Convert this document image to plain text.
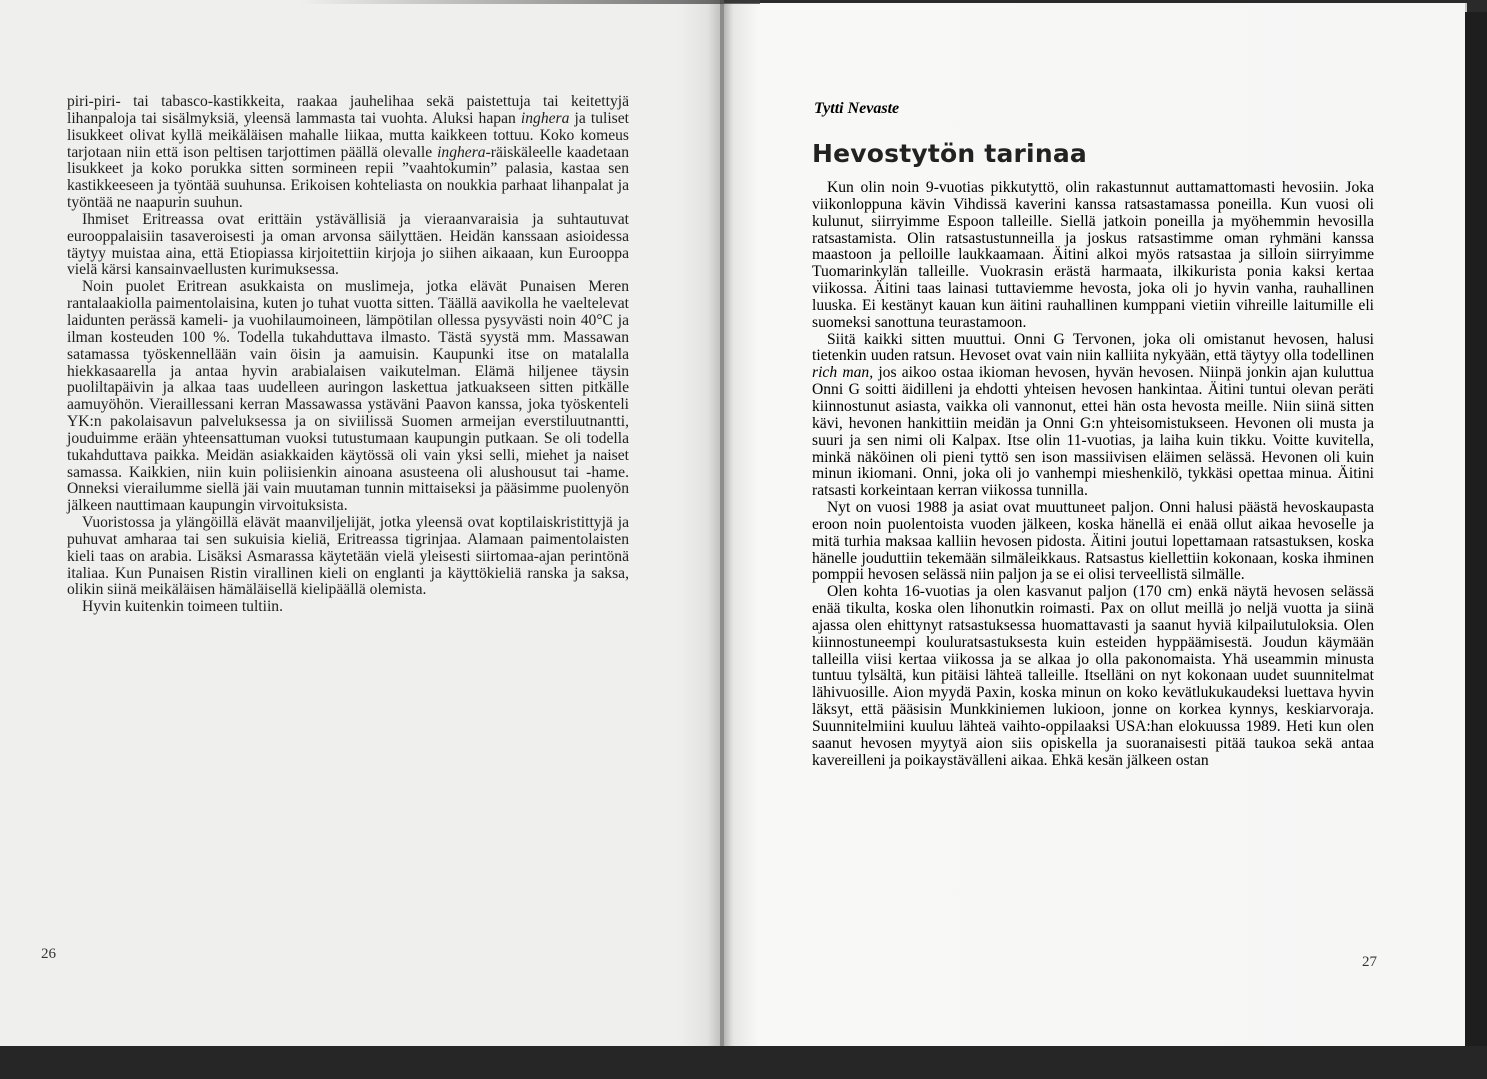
piri-piri- tai tabasco-kastikkeita, raakaa jauhelihaa sekä paistettuja tai keitettyjä lihanpaloja tai sisälmyksiä, yleensä lammasta tai vuohta. Aluksi hapan inghera ja tuliset lisukkeet olivat kyllä meikäläisen mahalle liikaa, mutta kaikkeen tottuu. Koko komeus tarjotaan niin että ison peltisen tarjottimen päällä olevalle inghera-räiskäleelle kaadetaan lisukkeet ja koko porukka sitten sormineen repii ”vaahtokumin” palasia, kastaa sen kastikkeeseen ja työntää suuhunsa. Erikoisen kohteliasta on noukkia parhaat lihanpalat ja työntää ne naapurin suuhun.

Ihmiset Eritreassa ovat erittäin ystävällisiä ja vieraanvaraisia ja suhtautuvat eurooppalaisiin tasaveroisesti ja oman arvonsa säilyttäen. Heidän kanssaan asioidessa täytyy muistaa aina, että Etiopiassa kirjoitettiin kirjoja jo siihen aikaaan, kun Eurooppa vielä kärsi kansainvaellusten kurimuksessa.

Noin puolet Eritrean asukkaista on muslimeja, jotka elävät Punaisen Meren rantalaakiolla paimentolaisina, kuten jo tuhat vuotta sitten. Täällä aavikolla he vaeltelevat laidunten perässä kameli- ja vuohilaumoineen, lämpötilan ollessa pysyvästi noin 40°C ja ilman kosteuden 100 %. Todella tukahduttava ilmasto. Tästä syystä mm. Massawan satamassa työskennellään vain öisin ja aamuisin. Kaupunki itse on matalalla hiekkasaarella ja antaa hyvin arabialaisen vaikutelman. Elämä hiljenee täysin puoliltapäivin ja alkaa taas uudelleen auringon laskettua jatkuakseen sitten pitkälle aamuyöhön. Vieraillessani kerran Massawassa ystäväni Paavon kanssa, joka työskenteli YK:n pakolaisavun palveluksessa ja on siviilissä Suomen armeijan everstiluutnantti, jouduimme erään yhteensattuman vuoksi tutustumaan kaupungin putkaan. Se oli todella tukahduttava paikka. Meidän asiakkaiden käytössä oli vain yksi selli, miehet ja naiset samassa. Kaikkien, niin kuin poliisienkin ainoana asusteena oli alushousut tai -hame. Onneksi vierailumme siellä jäi vain muutaman tunnin mittaiseksi ja pääsimme puolenyön jälkeen nauttimaan kaupungin virvoituksista.

Vuoristossa ja ylängöillä elävät maanviljelijät, jotka yleensä ovat koptilaiskristittyjä ja puhuvat amharaa tai sen sukuisia kieliä, Eritreassa tigrinjaa. Alamaan paimentolaisten kieli taas on arabia. Lisäksi Asmarassa käytetään vielä yleisesti siirtomaa-ajan perintönä italiaa. Kun Punaisen Ristin virallinen kieli on englanti ja käyttökieliä ranska ja saksa, olikin siinä meikäläisen hämäläisellä kielipäällä olemista.

Hyvin kuitenkin toimeen tultiin.

26
Tytti Nevaste
Hevostytön tarinaa

Kun olin noin 9-vuotias pikkutyttö, olin rakastunnut auttamattomasti hevosiin. Joka viikonloppuna kävin Vihdissä kaverini kanssa ratsastamassa poneilla. Kun vuosi oli kulunut, siirryimme Espoon talleille. Siellä jatkoin poneilla ja myöhemmin hevosilla ratsastamista. Olin ratsastustunneilla ja joskus ratsastimme oman ryhmäni kanssa maastoon ja pelloille laukkaamaan. Äitini alkoi myös ratsastaa ja silloin siirryimme Tuomarinkylän talleille. Vuokrasin erästä harmaata, ilkikurista ponia kaksi kertaa viikossa. Äitini taas lainasi tuttaviemme hevosta, joka oli jo hyvin vanha, rauhallinen luuska. Ei kestänyt kauan kun äitini rauhallinen kumppani vietiin vihreille laitumille eli suomeksi sanottuna teurastamoon.

Siitä kaikki sitten muuttui. Onni G Tervonen, joka oli omistanut hevosen, halusi tietenkin uuden ratsun. Hevoset ovat vain niin kalliita nykyään, että täytyy olla todellinen rich man, jos aikoo ostaa ikioman hevosen, hyvän hevosen. Niinpä jonkin ajan kuluttua Onni G soitti äidilleni ja ehdotti yhteisen hevosen hankintaa. Äitini tuntui olevan peräti kiinnostunut asiasta, vaikka oli vannonut, ettei hän osta hevosta meille. Niin siinä sitten kävi, hevonen hankittiin meidän ja Onni G:n yhteisomistukseen. Hevonen oli musta ja suuri ja sen nimi oli Kalpax. Itse olin 11-vuotias, ja laiha kuin tikku. Voitte kuvitella, minkä näköinen oli pieni tyttö sen ison massiivisen eläimen selässä. Hevonen oli kuin minun ikiomani. Onni, joka oli jo vanhempi mieshenkilö, tykkäsi opettaa minua. Äitini ratsasti korkeintaan kerran viikossa tunnilla.

Nyt on vuosi 1988 ja asiat ovat muuttuneet paljon. Onni halusi päästä hevoskaupasta eroon noin puolentoista vuoden jälkeen, koska hänellä ei enää ollut aikaa hevoselle ja mitä turhia maksaa kalliin hevosen pidosta. Äitini joutui lopettamaan ratsastuksen, koska hänelle jouduttiin tekemään silmäleikkaus. Ratsastus kiellettiin kokonaan, koska ihminen pomppii hevosen selässä niin paljon ja se ei olisi terveellistä silmälle.

Olen kohta 16-vuotias ja olen kasvanut paljon (170 cm) enkä näytä hevosen selässä enää tikulta, koska olen lihonutkin roimasti. Pax on ollut meillä jo neljä vuotta ja siinä ajassa olen ehittynyt ratsastuksessa huomattavasti ja saanut hyviä kilpailutuloksia. Olen kiinnostuneempi kouluratsastuksesta kuin esteiden hyppäämisestä. Joudun käymään talleilla viisi kertaa viikossa ja se alkaa jo olla pakonomaista. Yhä useammin minusta tuntuu tylsältä, kun pitäisi lähteä talleille. Itselläni on nyt kokonaan uudet suunnitelmat lähivuosille. Aion myydä Paxin, koska minun on koko kevätlukukaudeksi luettava hyvin läksyt, että pääsisin Munkkiniemen lukioon, jonne on korkea kynnys, keskiarvoraja. Suunnitelmiini kuuluu lähteä vaihto-oppilaaksi USA:han elokuussa 1989. Heti kun olen saanut hevosen myytyä aion siis opiskella ja suoranaisesti pitää taukoa sekä antaa kavereilleni ja poikaystävälleni aikaa. Ehkä kesän jälkeen ostan

27
